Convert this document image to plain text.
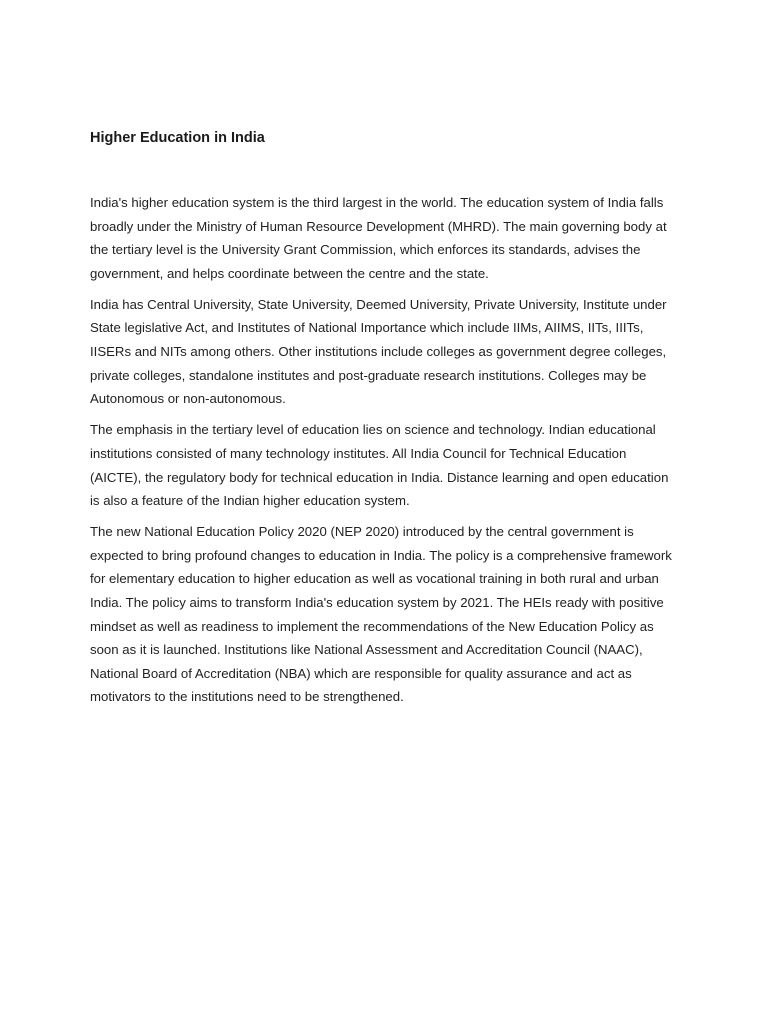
Higher Education in India

India's higher education system is the third largest in the world. The education system of India falls broadly under the Ministry of Human Resource Development (MHRD). The main governing body at the tertiary level is the University Grant Commission, which enforces its standards, advises the government, and helps coordinate between the centre and the state.

India has Central University, State University, Deemed University, Private University, Institute under State legislative Act, and Institutes of National Importance which include IIMs, AIIMS, IITs, IIITs, IISERs and NITs among others. Other institutions include colleges as government degree colleges, private colleges, standalone institutes and post-graduate research institutions. Colleges may be Autonomous or non-autonomous.

The emphasis in the tertiary level of education lies on science and technology. Indian educational institutions consisted of many technology institutes. All India Council for Technical Education (AICTE), the regulatory body for technical education in India. Distance learning and open education is also a feature of the Indian higher education system.

The new National Education Policy 2020 (NEP 2020) introduced by the central government is expected to bring profound changes to education in India. The policy is a comprehensive framework for elementary education to higher education as well as vocational training in both rural and urban India. The policy aims to transform India's education system by 2021. The HEIs ready with positive mindset as well as readiness to implement the recommendations of the New Education Policy as soon as it is launched. Institutions like National Assessment and Accreditation Council (NAAC), National Board of Accreditation (NBA) which are responsible for quality assurance and act as motivators to the institutions need to be strengthened.
